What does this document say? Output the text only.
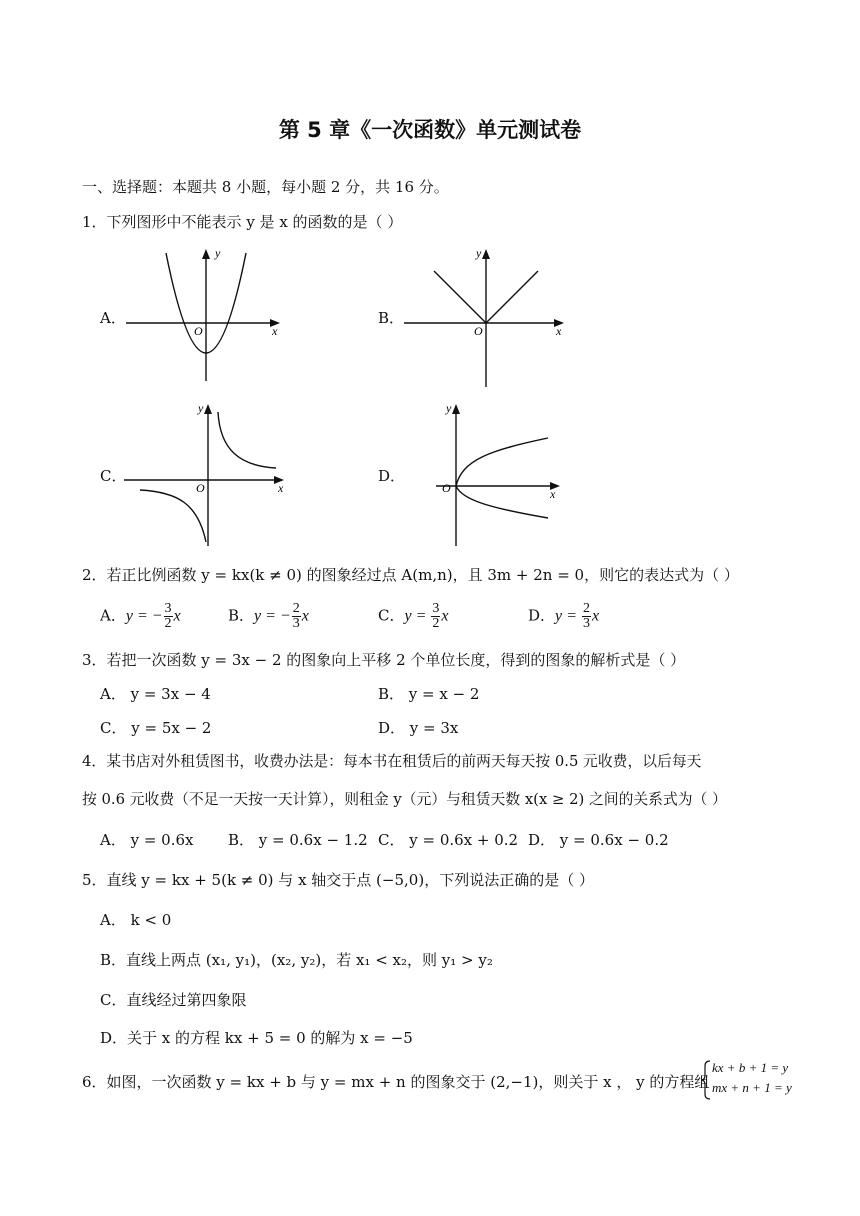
第 5 章《一次函数》单元测试卷
一、选择题：本题共 8 小题，每小题 2 分，共 16 分。
1．下列图形中不能表示 y 是 x 的函数的是（ ）
A．
y
x
O
B．
y
x
O
C．
y
x
O
D．
y
x
O
2．若正比例函数 y = kx(k ≠ 0) 的图象经过点 A(m,n)，且 3m + 2n = 0，则它的表达式为（ ）
A．y = − $\frac{3}{2}$ x	B．y = − $\frac{2}{3}$ x	C．$y = \frac{3}{2}$ x	D．$y = \frac{2}{3}$ x
3．若把一次函数 y = 3x − 2 的图象向上平移 2 个单位长度，得到的图象的解析式是（ ）
A． y = 3x − 4	B． y = x − 2
C． y = 5x − 2	D． y = 3x
4．某书店对外租赁图书，收费办法是：每本书在租赁后的前两天每天按 0.5 元收费，以后每天
按 0.6 元收费（不足一天按一天计算），则租金 y（元）与租赁天数 x(x ≥ 2) 之间的关系式为（ ）
A． y = 0.6x B． y = 0.6x − 1.2 C． y = 0.6x + 0.2 D． y = 0.6x − 0.2
5．直线 y = kx + 5(k ≠ 0) 与 x 轴交于点 (−5,0)，下列说法正确的是（ ）
A． k < 0
B．直线上两点 (x₁, y₁)，(x₂, y₂)，若 x₁ < x₂，则 y₁ > y₂
C．直线经过第四象限
D．关于 x 的方程 kx + 5 = 0 的解为 x = −5
6．如图，一次函数 y = kx + b 与 y = mx + n 的图象交于 (2,−1)，则关于 x ， y 的方程组
kx + b + 1 = y
mx + n + 1 = y
